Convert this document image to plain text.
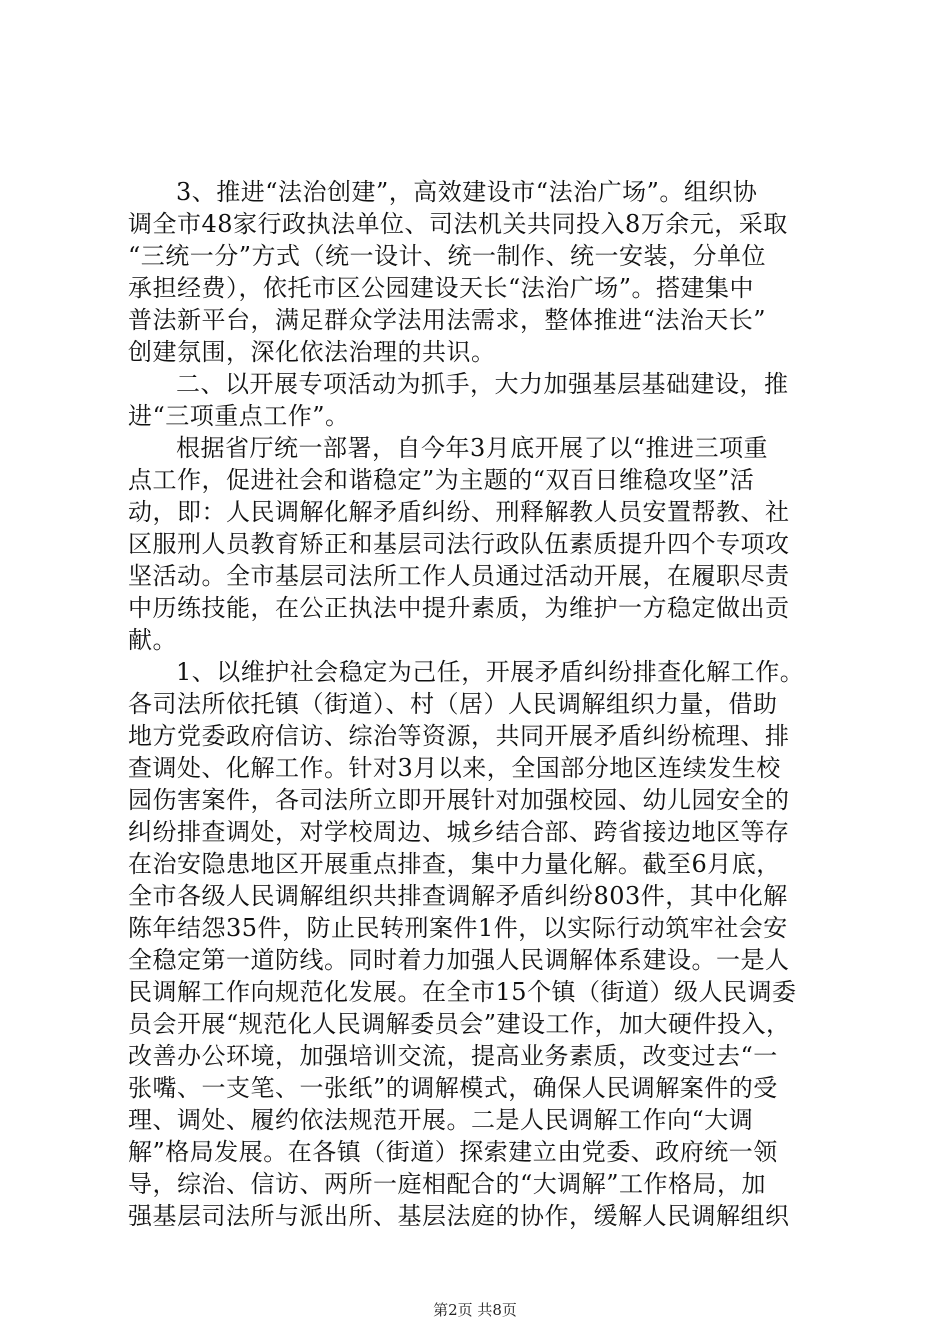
3、推进“法治创建”，高效建设市“法治广场”。组织协
调全市48家行政执法单位、司法机关共同投入8万余元，采取
“三统一分”方式（统一设计、统一制作、统一安装，分单位
承担经费），依托市区公园建设天长“法治广场”。搭建集中
普法新平台，满足群众学法用法需求，整体推进“法治天长”
创建氛围，深化依法治理的共识。
二、以开展专项活动为抓手，大力加强基层基础建设，推
进“三项重点工作”。
根据省厅统一部署，自今年3月底开展了以“推进三项重
点工作，促进社会和谐稳定”为主题的“双百日维稳攻坚”活
动，即：人民调解化解矛盾纠纷、刑释解教人员安置帮教、社
区服刑人员教育矫正和基层司法行政队伍素质提升四个专项攻
坚活动。全市基层司法所工作人员通过活动开展，在履职尽责
中历练技能，在公正执法中提升素质，为维护一方稳定做出贡
献。
1、以维护社会稳定为己任，开展矛盾纠纷排查化解工作。
各司法所依托镇（街道）、村（居）人民调解组织力量，借助
地方党委政府信访、综治等资源，共同开展矛盾纠纷梳理、排
查调处、化解工作。针对3月以来，全国部分地区连续发生校
园伤害案件，各司法所立即开展针对加强校园、幼儿园安全的
纠纷排查调处，对学校周边、城乡结合部、跨省接边地区等存
在治安隐患地区开展重点排查，集中力量化解。截至6月底，
全市各级人民调解组织共排查调解矛盾纠纷803件，其中化解
陈年结怨35件，防止民转刑案件1件，以实际行动筑牢社会安
全稳定第一道防线。同时着力加强人民调解体系建设。一是人
民调解工作向规范化发展。在全市15个镇（街道）级人民调委
员会开展“规范化人民调解委员会”建设工作，加大硬件投入，
改善办公环境，加强培训交流，提高业务素质，改变过去“一
张嘴、一支笔、一张纸”的调解模式，确保人民调解案件的受
理、调处、履约依法规范开展。二是人民调解工作向“大调
解”格局发展。在各镇（街道）探索建立由党委、政府统一领
导，综治、信访、两所一庭相配合的“大调解”工作格局，加
强基层司法所与派出所、基层法庭的协作，缓解人民调解组织
第2页 共8页
